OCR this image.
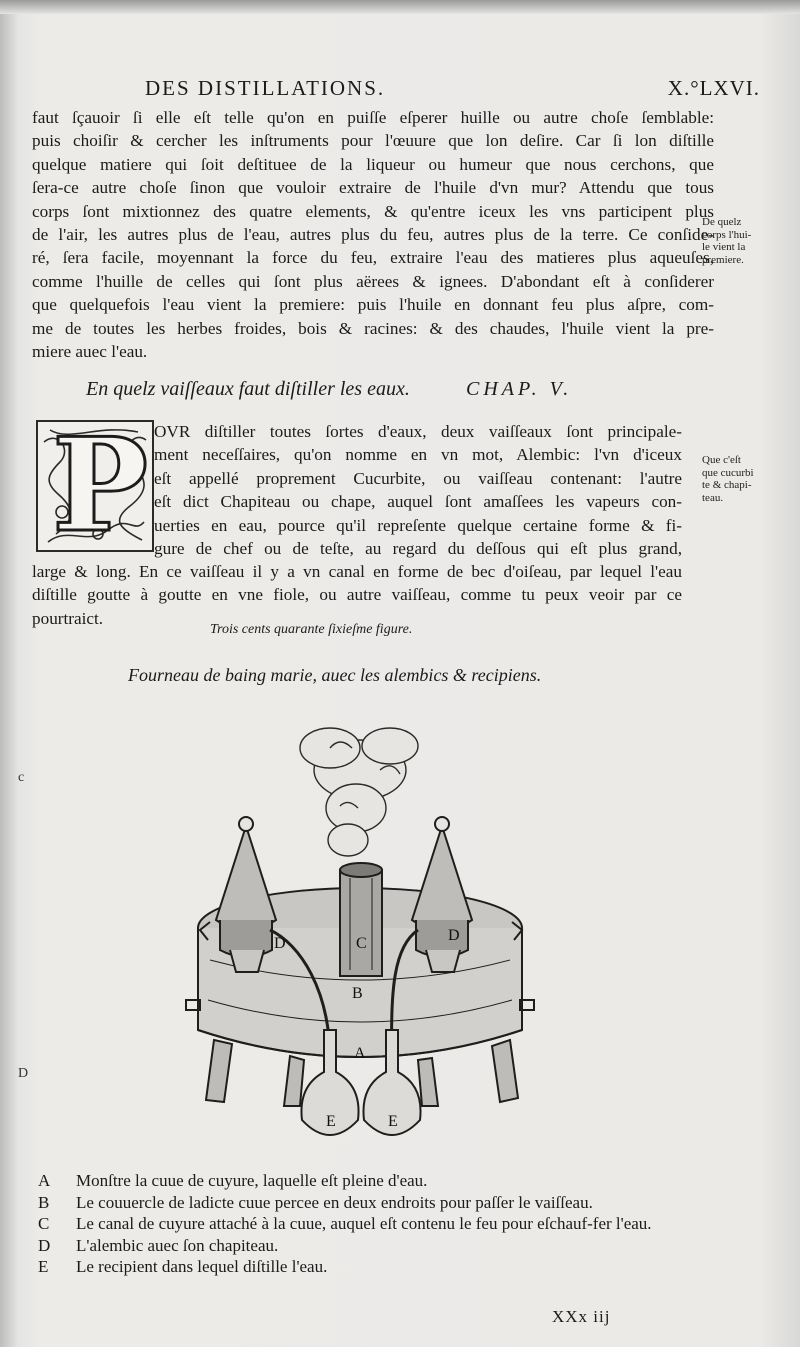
DES DISTILLATIONS.	X.°LXVI.
faut ſçauoir ſi elle eſt telle qu'on en puiſſe eſperer huille ou autre choſe ſemblable:
puis choiſir & cercher les inſtruments pour l'œuure que lon deſire. Car ſi lon diſtille
quelque matiere qui ſoit deſtituee de la liqueur ou humeur que nous cerchons, que
ſera-ce autre choſe ſinon que vouloir extraire de l'huile d'vn mur? Attendu que tous
corps ſont mixtionnez des quatre elements, & qu'entre iceux les vns participent plus
de l'air, les autres plus de l'eau, autres plus du feu, autres plus de la terre. Ce conſide-
ré, ſera facile, moyennant la force du feu, extraire l'eau des matieres plus aqueuſes,
comme l'huille de celles qui ſont plus aërees & ignees. D'abondant eſt à conſiderer
que quelquefois l'eau vient la premiere: puis l'huile en donnant feu plus aſpre, com-
me de toutes les herbes froides, bois & racines: & des chaudes, l'huile vient la pre-
miere auec l'eau.
De quelz
corps l'hui-
le vient la
premiere.
En quelz vaiſſeaux faut diſtiller les eaux.	CHAP. V.
P OVR diſtiller toutes ſortes d'eaux, deux vaiſſeaux ſont principale-
ment neceſſaires, qu'on nomme en vn mot, Alembic: l'vn d'iceux
eſt appellé proprement Cucurbite, ou vaiſſeau contenant: l'autre
eſt dict Chapiteau ou chape, auquel ſont amaſſees les vapeurs con-
uerties en eau, pource qu'il repreſente quelque certaine forme & fi-
gure de chef ou de teſte, au regard du deſſous qui eſt plus grand,
large & long. En ce vaiſſeau il y a vn canal en forme de bec d'oiſeau, par lequel l'eau
diſtille goutte à goutte en vne fiole, ou autre vaiſſeau, comme tu peux veoir par ce
pourtraict.
Que c'eſt
que cucurbi
te & chapi-
teau.
Trois cents quarante ſixieſme figure.
Fourneau de baing marie, auec les alembics & recipiens.
c
D
C
B
A
D	D
E	E
A Monſtre la cuue de cuyure, laquelle eſt pleine d'eau.
B Le couuercle de ladicte cuue percee en deux endroits pour paſſer le vaiſſeau.
C Le canal de cuyure attaché à la cuue, auquel eſt contenu le feu pour eſchauf-fer l'eau.
D L'alembic auec ſon chapiteau.
E Le recipient dans lequel diſtille l'eau.
XXx iij
